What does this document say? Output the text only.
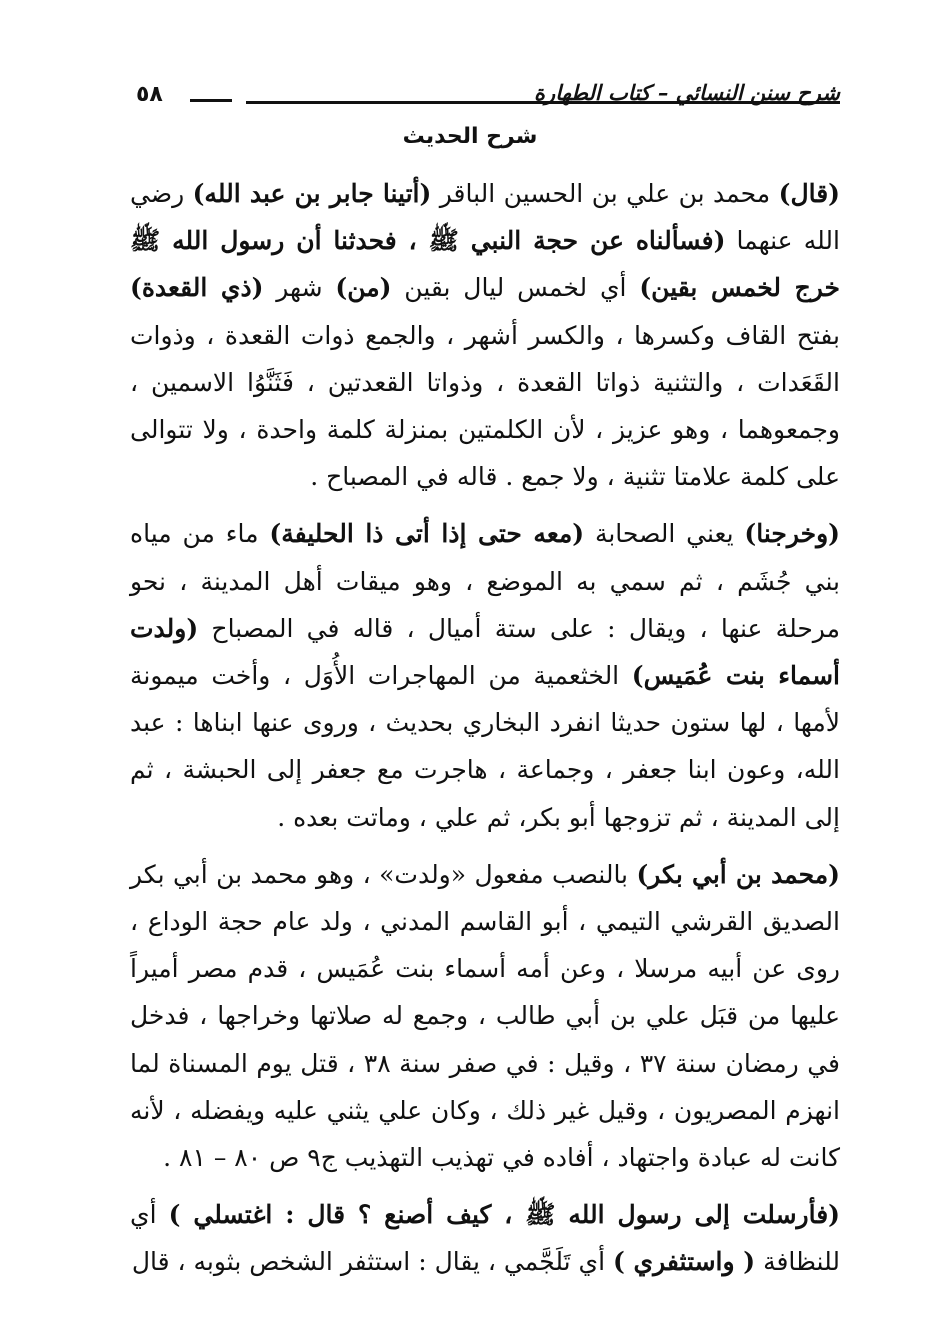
٥٨	شرح سنن النسائي – كتاب الطهارة
شرح الحديث

(قال) محمد بن علي بن الحسين الباقر (أتينا جابر بن عبد الله) رضي الله عنهما (فسألناه عن حجة النبي ﷺ ، فحدثنا أن رسول الله ﷺ خرج لخمس بقين) أي لخمس ليال بقين (من) شهر (ذي القعدة) بفتح القاف وكسرها ، والكسر أشهر ، والجمع ذوات القعدة ، وذوات القَعَدات ، والتثنية ذواتا القعدة ، وذواتا القعدتين ، فَثَنَّوُا الاسمين ، وجمعوهما ، وهو عزيز ، لأن الكلمتين بمنزلة كلمة واحدة ، ولا تتوالى على كلمة علامتا تثنية ، ولا جمع . قاله في المصباح .

(وخرجنا) يعني الصحابة (معه حتى إذا أتى ذا الحليفة) ماء من مياه بني جُشَم ، ثم سمي به الموضع ، وهو ميقات أهل المدينة ، نحو مرحلة عنها ، ويقال : على ستة أميال ، قاله في المصباح (ولدت أسماء بنت عُمَيس) الخثعمية من المهاجرات الأُوَل ، وأخت ميمونة لأمها ، لها ستون حديثا انفرد البخاري بحديث ، وروى عنها ابناها : عبد الله، وعون ابنا جعفر ، وجماعة ، هاجرت مع جعفر إلى الحبشة ، ثم إلى المدينة ، ثم تزوجها أبو بكر، ثم علي ، وماتت بعده .

(محمد بن أبي بكر) بالنصب مفعول «ولدت» ، وهو محمد بن أبي بكر الصديق القرشي التيمي ، أبو القاسم المدني ، ولد عام حجة الوداع ، روى عن أبيه مرسلا ، وعن أمه أسماء بنت عُمَيس ، قدم مصر أميراً عليها من قبَل علي بن أبي طالب ، وجمع له صلاتها وخراجها ، فدخل في رمضان سنة ٣٧ ، وقيل : في صفر سنة ٣٨ ، قتل يوم المسناة لما انهزم المصريون ، وقيل غير ذلك ، وكان علي يثني عليه ويفضله ، لأنه كانت له عبادة واجتهاد ، أفاده في تهذيب التهذيب ج٩ ص ٨٠ – ٨١ .

(فأرسلت إلى رسول الله ﷺ ، كيف أصنع ؟ قال : اغتسلي ) أي للنظافة ( واستثفري ) أي تَلَجَّمي ، يقال : استثفر الشخص بثوبه ، قال
